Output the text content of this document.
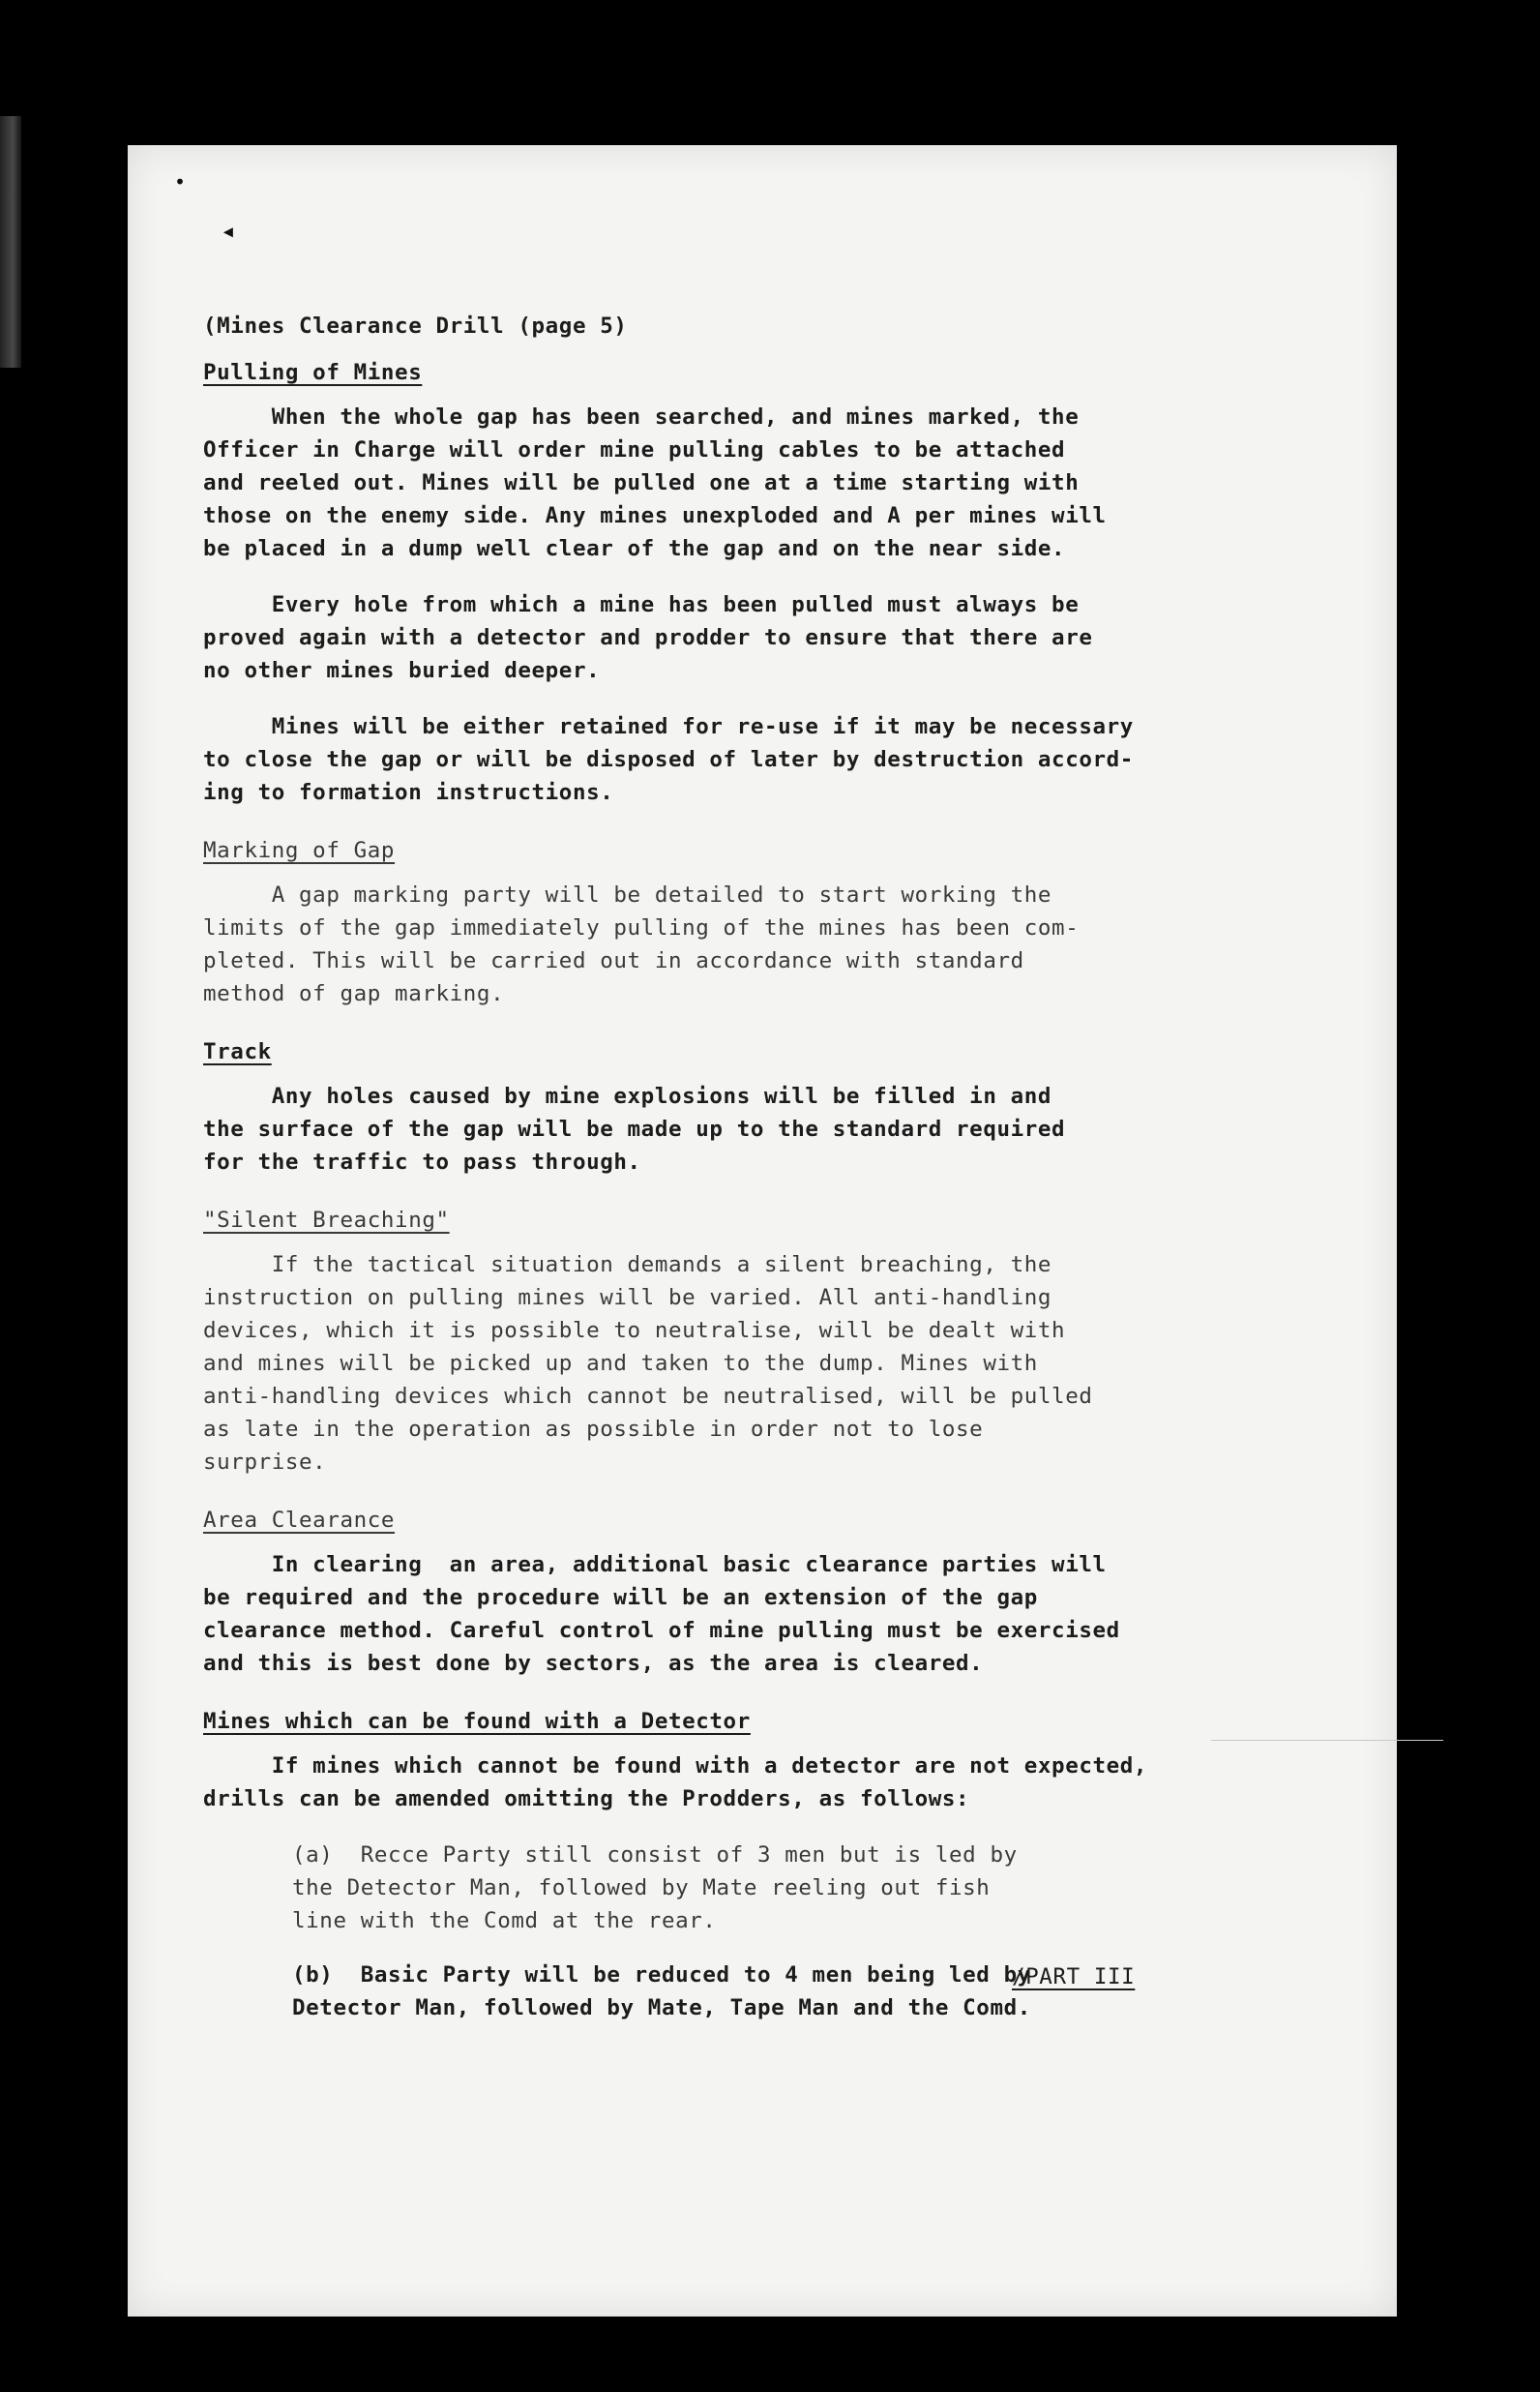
•
◂
(Mines Clearance Drill (page 5)
Pulling of Mines
When the whole gap has been searched, and mines marked, the
Officer in Charge will order mine pulling cables to be attached
and reeled out. Mines will be pulled one at a time starting with
those on the enemy side. Any mines unexploded and A per mines will
be placed in a dump well clear of the gap and on the near side.
Every hole from which a mine has been pulled must always be
proved again with a detector and prodder to ensure that there are
no other mines buried deeper.
Mines will be either retained for re-use if it may be necessary
to close the gap or will be disposed of later by destruction accord-
ing to formation instructions.
Marking of Gap
A gap marking party will be detailed to start working the
limits of the gap immediately pulling of the mines has been com-
pleted. This will be carried out in accordance with standard
method of gap marking.
Track
Any holes caused by mine explosions will be filled in and
the surface of the gap will be made up to the standard required
for the traffic to pass through.
"Silent Breaching"
If the tactical situation demands a silent breaching, the
instruction on pulling mines will be varied. All anti-handling
devices, which it is possible to neutralise, will be dealt with
and mines will be picked up and taken to the dump. Mines with
anti-handling devices which cannot be neutralised, will be pulled
as late in the operation as possible in order not to lose
surprise.
Area Clearance
In clearing  an area, additional basic clearance parties will
be required and the procedure will be an extension of the gap
clearance method. Careful control of mine pulling must be exercised
and this is best done by sectors, as the area is cleared.
Mines which can be found with a Detector
If mines which cannot be found with a detector are not expected,
drills can be amended omitting the Prodders, as follows:
(a)  Recce Party still consist of 3 men but is led by
the Detector Man, followed by Mate reeling out fish
line with the Comd at the rear.
(b)  Basic Party will be reduced to 4 men being led by
Detector Man, followed by Mate, Tape Man and the Comd.
/PART III
